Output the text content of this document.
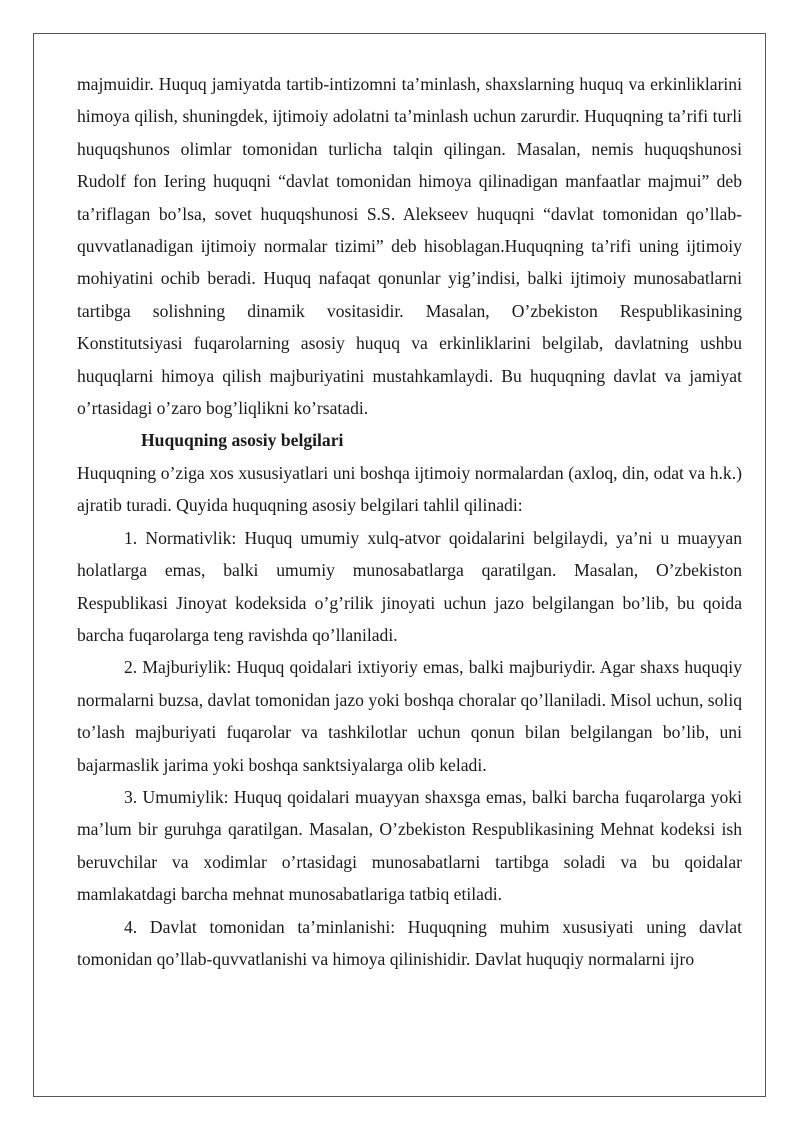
majmuidir. Huquq jamiyatda tartib-intizomni ta’minlash, shaxslarning huquq va erkinliklarini himoya qilish, shuningdek, ijtimoiy adolatni ta’minlash uchun zarurdir. Huquqning ta’rifi turli huquqshunos olimlar tomonidan turlicha talqin qilingan. Masalan, nemis huquqshunosi Rudolf fon Iering huquqni “davlat tomonidan himoya qilinadigan manfaatlar majmui” deb ta’riflagan bo’lsa, sovet huquqshunosi S.S. Alekseev huquqni “davlat tomonidan qo’llab-quvvatlanadigan ijtimoiy normalar tizimi” deb hisoblagan.Huquqning ta’rifi uning ijtimoiy mohiyatini ochib beradi. Huquq nafaqat qonunlar yig’indisi, balki ijtimoiy munosabatlarni tartibga solishning dinamik vositasidir. Masalan, O’zbekiston Respublikasining Konstitutsiyasi fuqarolarning asosiy huquq va erkinliklarini belgilab, davlatning ushbu huquqlarni himoya qilish majburiyatini mustahkamlaydi. Bu huquqning davlat va jamiyat o’rtasidagi o’zaro bog’liqlikni ko’rsatadi.

Huquqning asosiy belgilari

Huquqning o’ziga xos xususiyatlari uni boshqa ijtimoiy normalardan (axloq, din, odat va h.k.) ajratib turadi. Quyida huquqning asosiy belgilari tahlil qilinadi:

1. Normativlik: Huquq umumiy xulq-atvor qoidalarini belgilaydi, ya’ni u muayyan holatlarga emas, balki umumiy munosabatlarga qaratilgan. Masalan, O’zbekiston Respublikasi Jinoyat kodeksida o’g’rilik jinoyati uchun jazo belgilangan bo’lib, bu qoida barcha fuqarolarga teng ravishda qo’llaniladi.

2. Majburiylik: Huquq qoidalari ixtiyoriy emas, balki majburiydir. Agar shaxs huquqiy normalarni buzsa, davlat tomonidan jazo yoki boshqa choralar qo’llaniladi. Misol uchun, soliq to’lash majburiyati fuqarolar va tashkilotlar uchun qonun bilan belgilangan bo’lib, uni bajarmaslik jarima yoki boshqa sanktsiyalarga olib keladi.

3. Umumiylik: Huquq qoidalari muayyan shaxsga emas, balki barcha fuqarolarga yoki ma’lum bir guruhga qaratilgan. Masalan, O’zbekiston Respublikasining Mehnat kodeksi ish beruvchilar va xodimlar o’rtasidagi munosabatlarni tartibga soladi va bu qoidalar mamlakatdagi barcha mehnat munosabatlariga tatbiq etiladi.

4. Davlat tomonidan ta’minlanishi: Huquqning muhim xususiyati uning davlat tomonidan qo’llab-quvvatlanishi va himoya qilinishidir. Davlat huquqiy normalarni ijro
